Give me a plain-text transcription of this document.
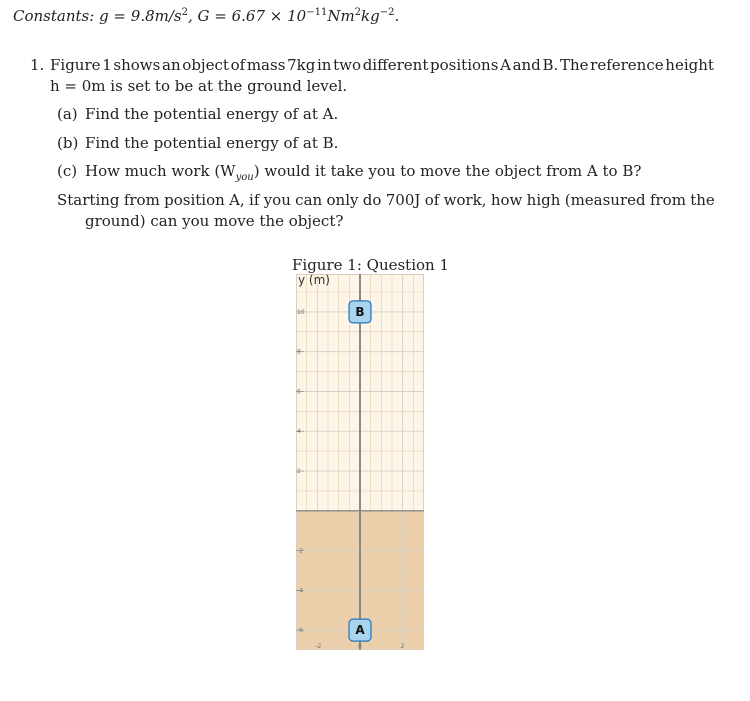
Constants: $g = 9.8m/s^2$, $G = 6.67 \times 10^{-11}Nm^2kg^{-2}$.
1. Figure 1 shows an object of mass 7kg in two different positions A and B. The reference height
h = 0m is set to be at the ground level.
(a) Find the potential energy of at A.
(b) Find the potential energy of at B.
(c) How much work $(W_{you})$ would it take you to move the object from A to B?
Starting from position A, if you can only do 700J of work, how high (measured from the
ground) can you move the object?
Figure 1: Question 1
y (m)
10
8
6
4
2
-2
-4
-6
-2	0	2
B
A
